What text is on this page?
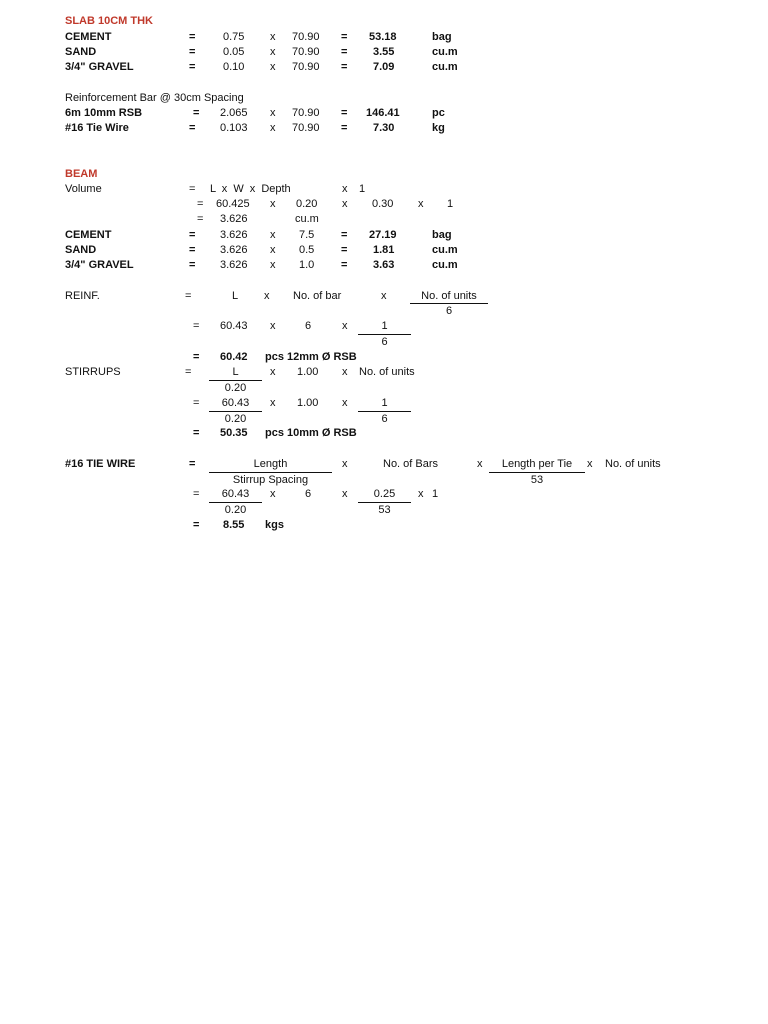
SLAB 10CM THK
CEMENT	=	0.75 x 70.90 = 53.18	bag
SAND	=	0.05 x 70.90 = 3.55	cu.m
3/4" GRAVEL	=	0.10 x 70.90 = 7.09	cu.m
Reinforcement Bar @ 30cm Spacing
6m 10mm RSB	= 2.065 x 70.90 = 146.41	pc
#16 Tie Wire	= 0.103 x 70.90 = 7.30	kg
BEAM
Volume	= L x W x Depth	x 1
= 60.425 x 0.20 x 0.30 x 1
= 3.626	cu.m
CEMENT	= 3.626 x 7.5 = 27.19	bag
SAND	= 3.626 x 0.5 = 1.81	cu.m
3/4" GRAVEL	= 3.626 x 1.0 = 3.63	cu.m
REINF.	=	L x No. of bar	x	No. of units
6
= 60.43 x	6	x	1
6
= 60.42 pcs 12mm Ø RSB
STIRRUPS	=	L
0.20
x 1.00 x No. of units
=	60.43
0.20
x 1.00 x	1
6
= 50.35 pcs 10mm Ø RSB
#16 TIE WIRE	=	Length
Stirrup Spacing
x	No. of Bars	x	Length per Tie
53
x No. of units
=	60.43
0.20
x	6	x	0.25
53
x 1
= 8.55 kgs
